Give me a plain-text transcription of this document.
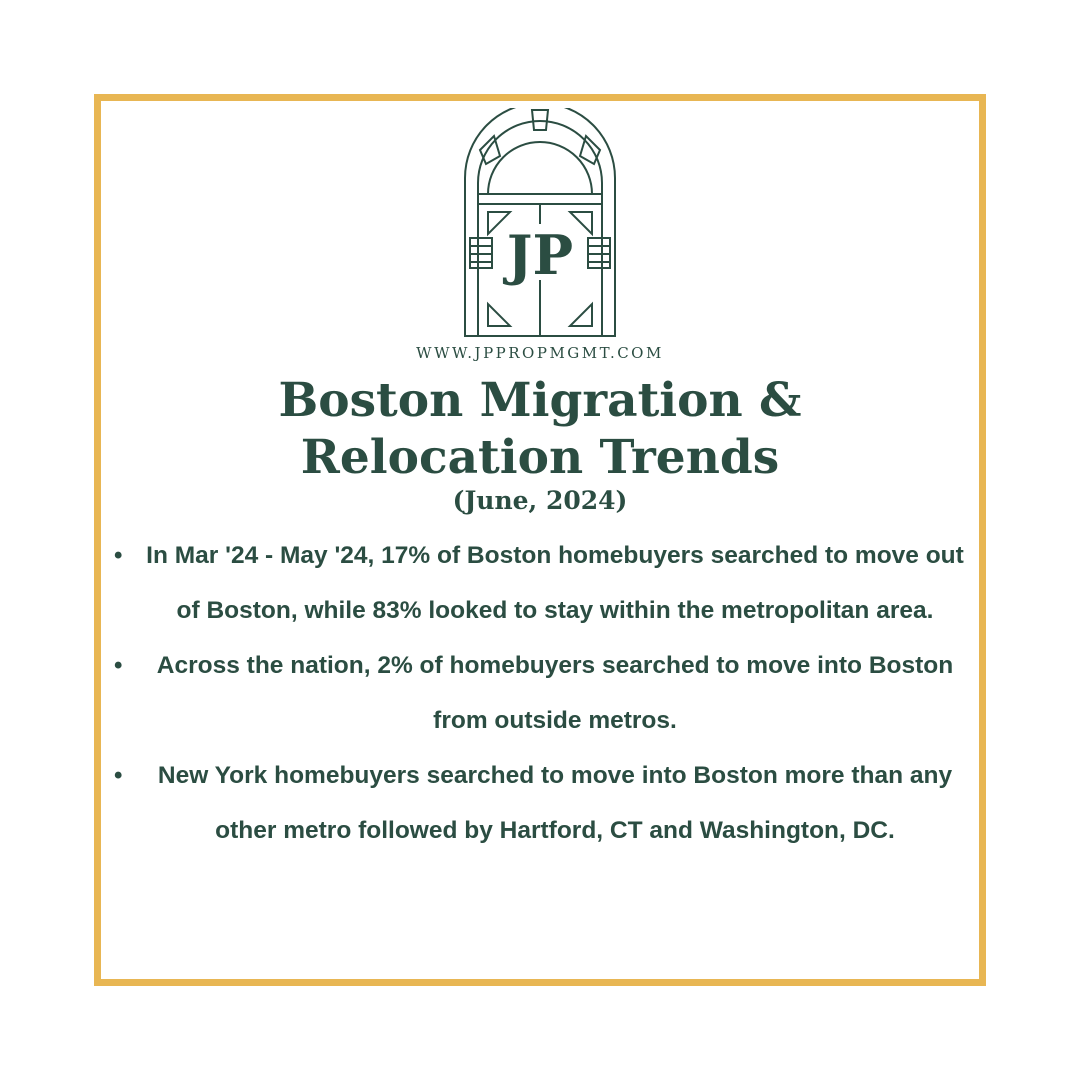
JP
WWW.JPPROPMGMT.COM
Boston Migration &
Relocation Trends
(June, 2024)
• In Mar '24 - May '24, 17% of Boston homebuyers searched to move out of Boston, while 83% looked to stay within the metropolitan area.
• Across the nation, 2% of homebuyers searched to move into Boston from outside metros.
• New York homebuyers searched to move into Boston more than any other metro followed by Hartford, CT and Washington, DC.
